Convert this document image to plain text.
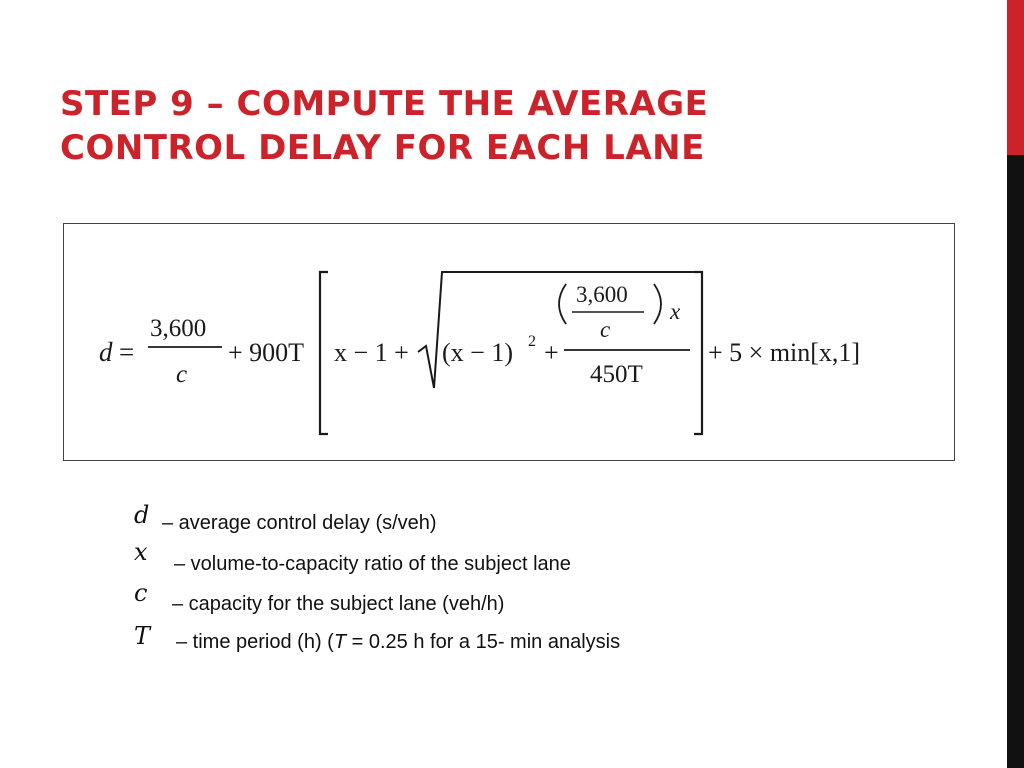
STEP 9 – COMPUTE THE AVERAGE
CONTROL DELAY FOR EACH LANE
d =
3,600
c
+ 900T x − 1 + (x − 1) 2 +
3,600
c
x
450T
+ 5 × min[x,1]
d – average control delay (s/veh)
x – volume-to-capacity ratio of the subject lane
c – capacity for the subject lane (veh/h)
T – time period (h) (T = 0.25 h for a 15- min analysis
